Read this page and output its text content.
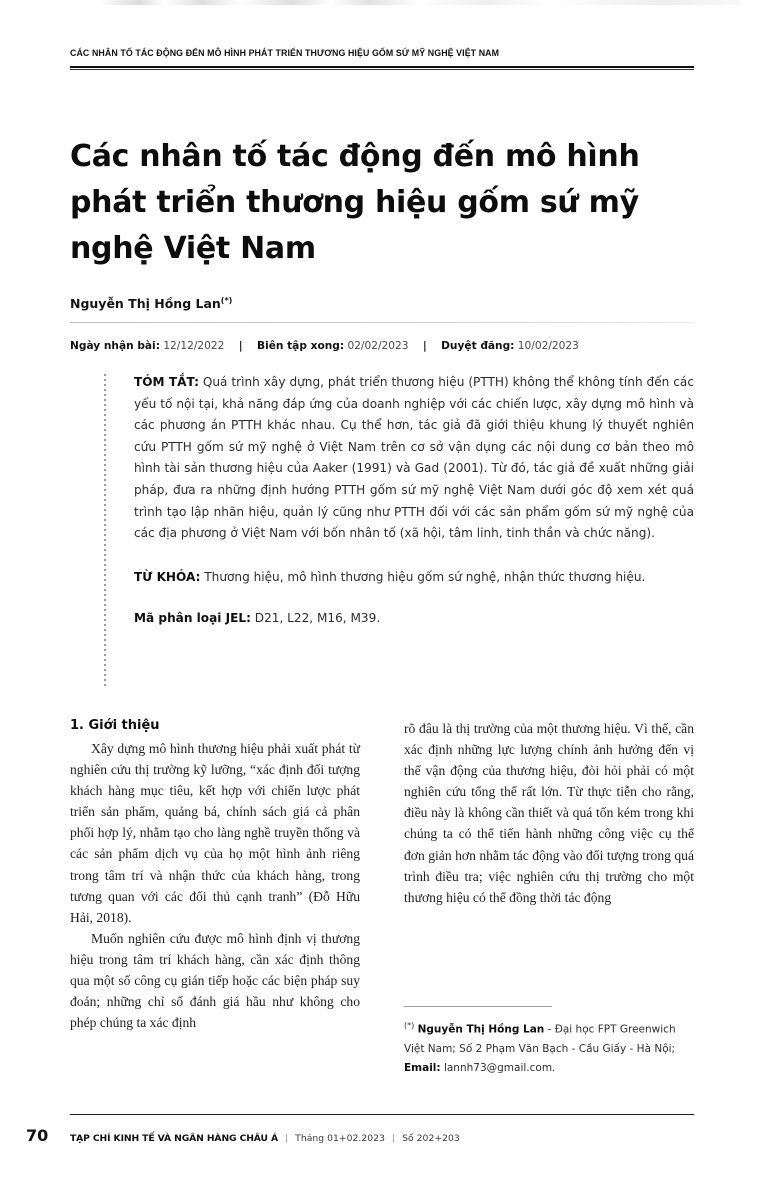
CÁC NHÂN TỐ TÁC ĐỘNG ĐẾN MÔ HÌNH PHÁT TRIỂN THƯƠNG HIỆU GỐM SỨ MỸ NGHỆ VIỆT NAM
Các nhân tố tác động đến mô hình phát triển thương hiệu gốm sứ mỹ nghệ Việt Nam
Nguyễn Thị Hồng Lan(*)
Ngày nhận bài: 12/12/2022 | Biên tập xong: 02/02/2023 | Duyệt đăng: 10/02/2023

TÓM TẮT: Quá trình xây dựng, phát triển thương hiệu (PTTH) không thể không tính đến các yếu tố nội tại, khả năng đáp ứng của doanh nghiệp với các chiến lược, xây dựng mô hình và các phương án PTTH khác nhau. Cụ thể hơn, tác giả đã giới thiệu khung lý thuyết nghiên cứu PTTH gốm sứ mỹ nghệ ở Việt Nam trên cơ sở vận dụng các nội dung cơ bản theo mô hình tài sản thương hiệu của Aaker (1991) và Gad (2001). Từ đó, tác giả đề xuất những giải pháp, đưa ra những định hướng PTTH gốm sứ mỹ nghệ Việt Nam dưới góc độ xem xét quá trình tạo lập nhãn hiệu, quản lý cũng như PTTH đối với các sản phẩm gốm sứ mỹ nghệ của các địa phương ở Việt Nam với bốn nhân tố (xã hội, tâm linh, tinh thần và chức năng).

TỪ KHÓA: Thương hiệu, mô hình thương hiệu gốm sứ nghệ, nhận thức thương hiệu.

Mã phân loại JEL: D21, L22, M16, M39.

1. Giới thiệu

Xây dựng mô hình thương hiệu phải xuất phát từ nghiên cứu thị trường kỹ lưỡng, “xác định đối tượng khách hàng mục tiêu, kết hợp với chiến lược phát triển sản phẩm, quảng bá, chính sách giá cả phân phối hợp lý, nhằm tạo cho làng nghề truyền thống và các sản phẩm dịch vụ của họ một hình ảnh riêng trong tâm trí và nhận thức của khách hàng, trong tương quan với các đối thủ cạnh tranh” (Đỗ Hữu Hải, 2018).

Muốn nghiên cứu được mô hình định vị thương hiệu trong tâm trí khách hàng, cần xác định thông qua một số công cụ gián tiếp hoặc các biện pháp suy đoán; những chỉ số đánh giá hầu như không cho phép chúng ta xác định

rõ đâu là thị trường của một thương hiệu. Vì thế, cần xác định những lực lượng chính ảnh hưởng đến vị thế vận động của thương hiệu, đòi hỏi phải có một nghiên cứu tổng thể rất lớn. Từ thực tiễn cho rằng, điều này là không cần thiết và quá tốn kém trong khi chúng ta có thể tiến hành những công việc cụ thể đơn giản hơn nhằm tác động vào đối tượng trong quá trình điều tra; việc nghiên cứu thị trường cho một thương hiệu có thể đồng thời tác động

(*) Nguyễn Thị Hồng Lan - Đại học FPT Greenwich Việt Nam; Số 2 Phạm Văn Bạch - Cầu Giấy - Hà Nội; Email: lannh73@gmail.com.
70	TẠP CHÍ KINH TẾ VÀ NGÂN HÀNG CHÂU Á | Tháng 01+02.2023 | Số 202+203
